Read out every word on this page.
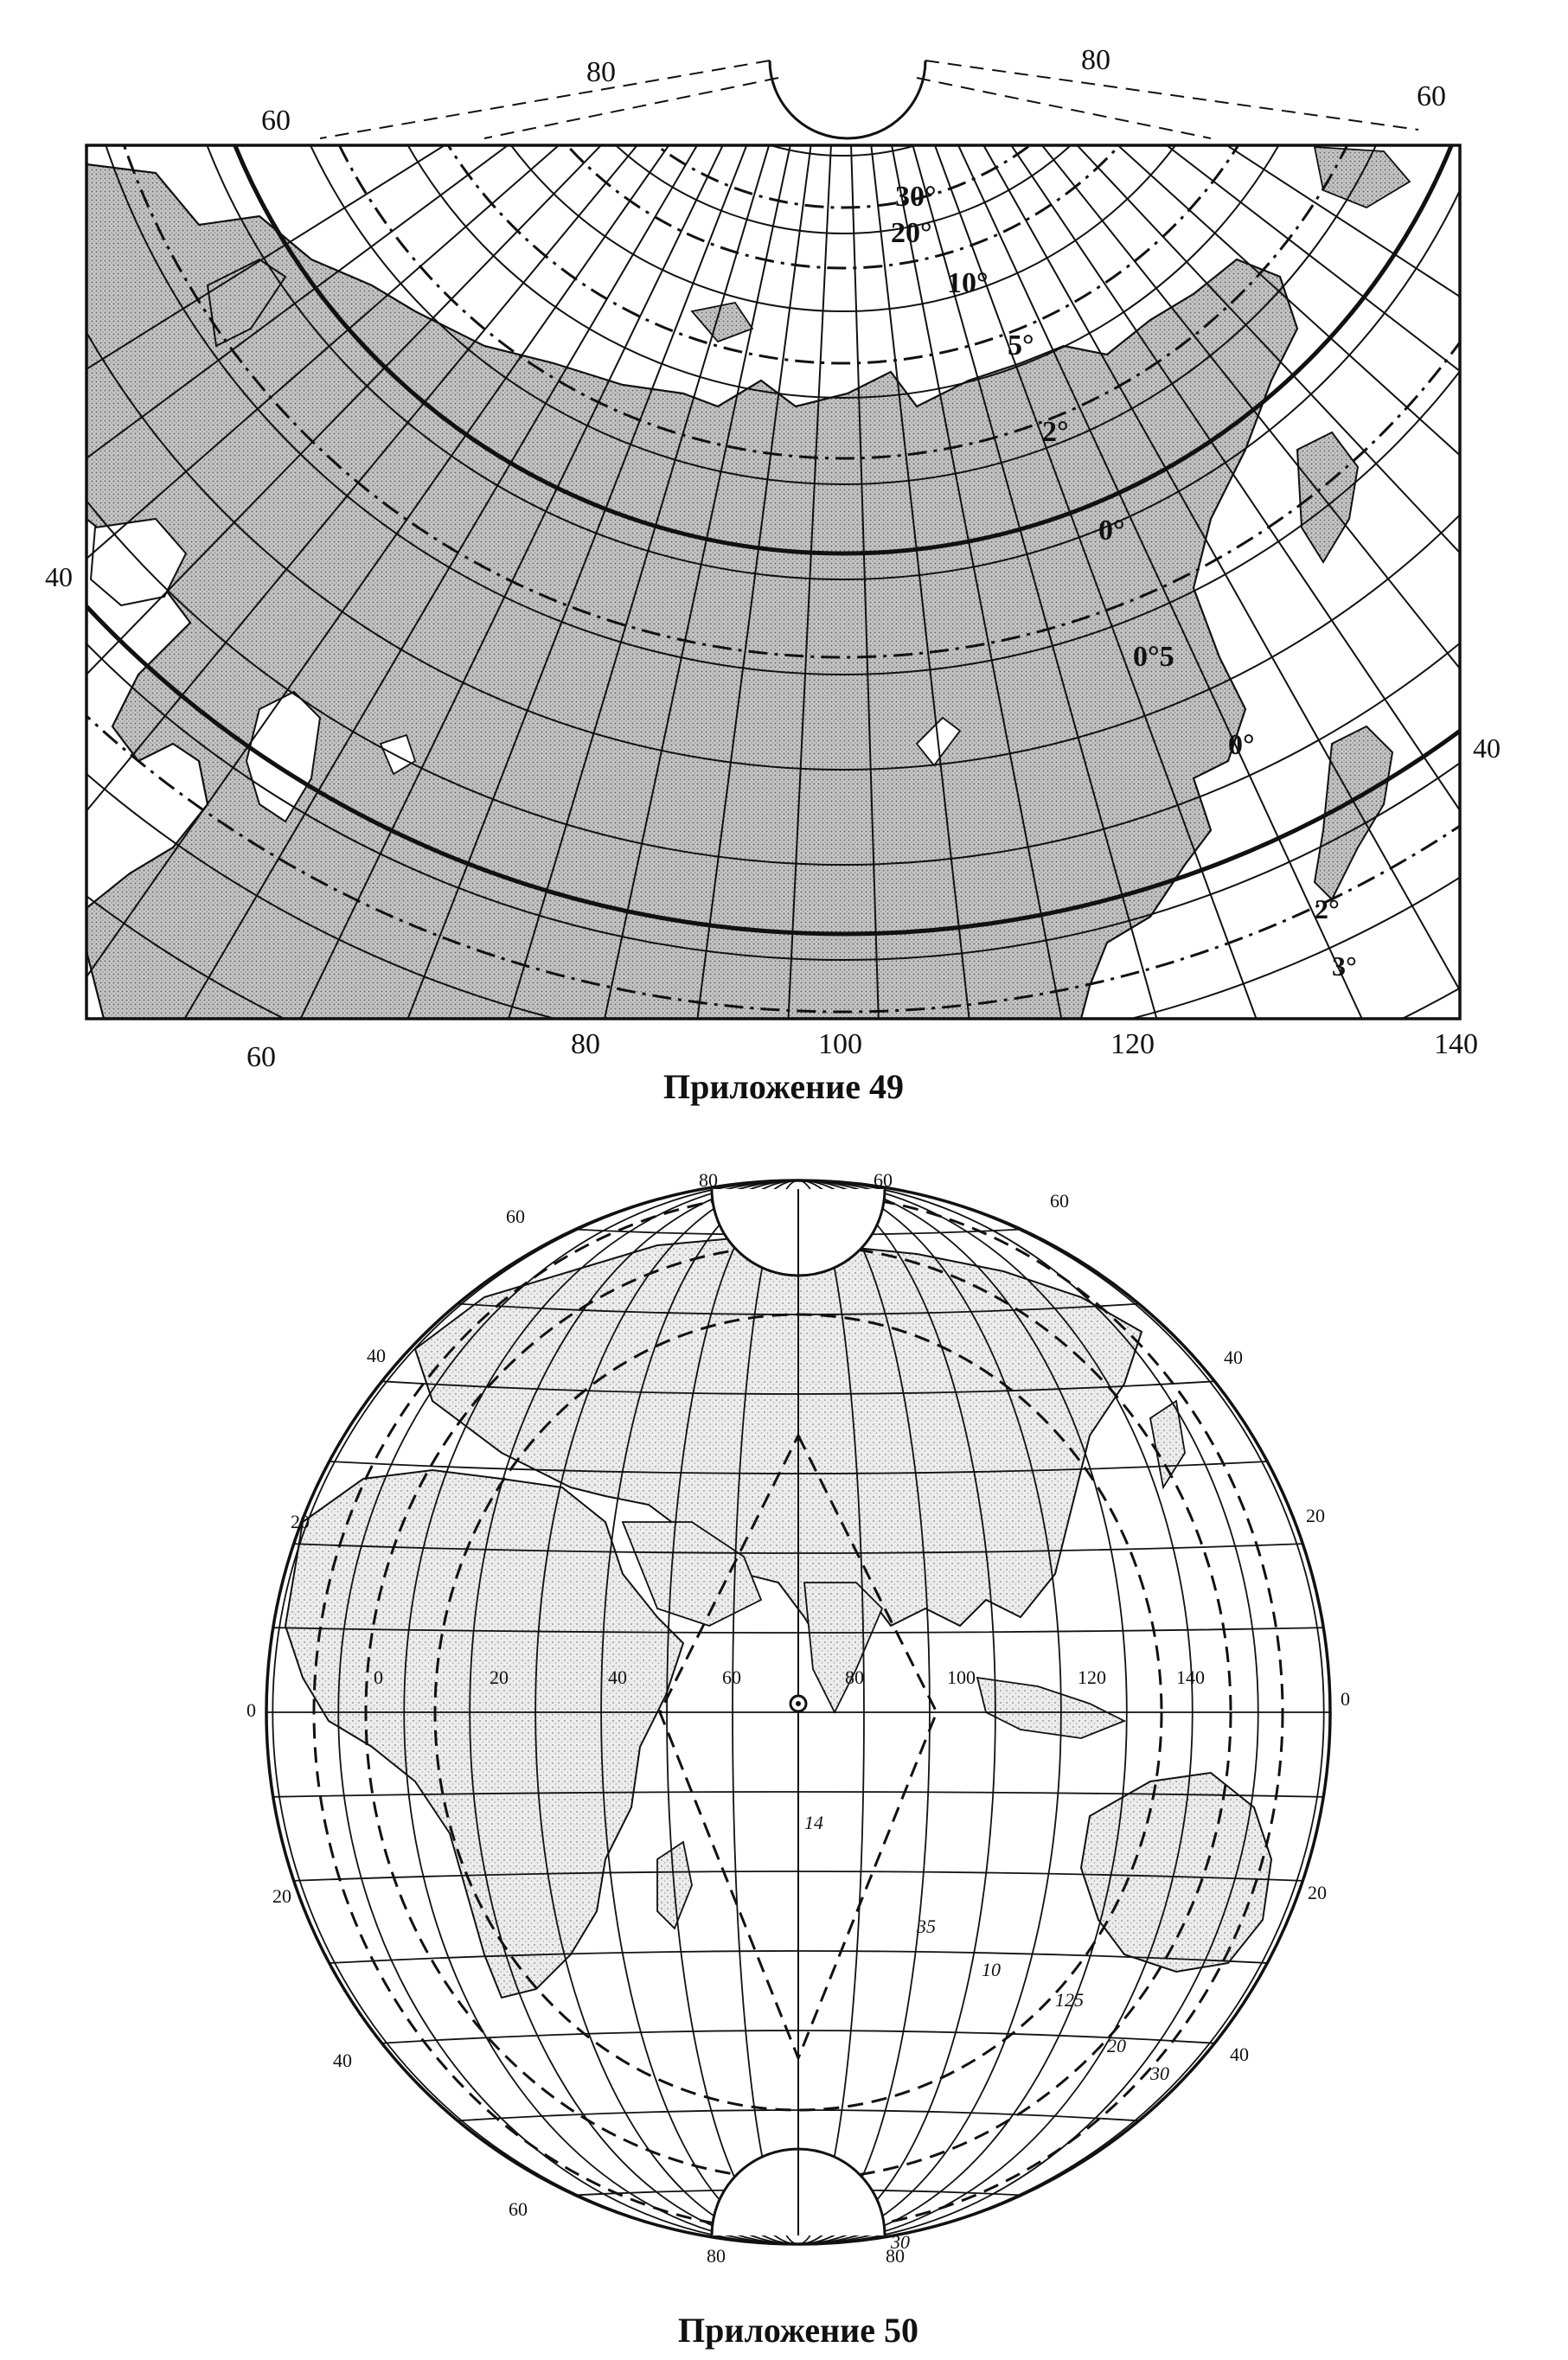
60
80	80
60
40
40
60	80	100	120	140
30°
20°
10°
5°
2°
0°
0°5
0°
2°
3°
Приложение 49
40
20
0
20
40
40
20
0
20
40
80	60
60
60
60
80	80
0	20	40	60	80	100	120	140
14
35
10
125
20
30
30
Приложение 50
